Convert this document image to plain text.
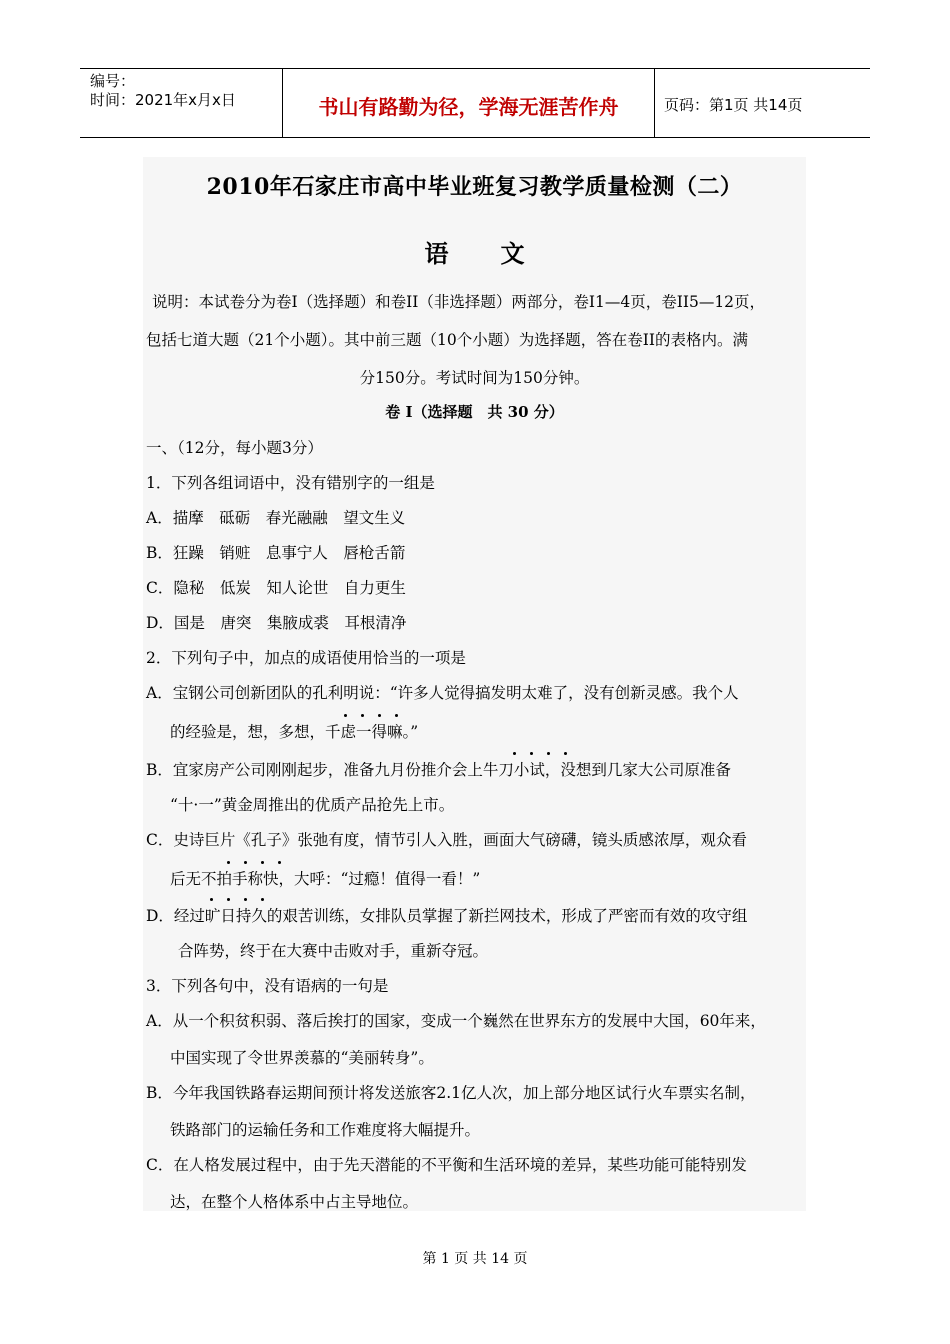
编号：
时间：2021年x月x日	书山有路勤为径，学海无涯苦作舟	页码：第1页 共14页
2010年石家庄市高中毕业班复习教学质量检测（二）
语 文
说明：本试卷分为卷I（选择题）和卷II（非选择题）两部分，卷I1—4页，卷II5—12页，
包括七道大题（21个小题）。其中前三题（10个小题）为选择题，答在卷II的表格内。满
分150分。考试时间为150分钟。
卷 I（选择题　共 30 分）
一、（12分，每小题3分）
1．下列各组词语中，没有错别字的一组是
A．描摩　砥砺　春光融融　望文生义
B．狂躁　销赃　息事宁人　唇枪舌箭
C．隐秘　低炭　知人论世　自力更生
D．国是　唐突　集腋成裘　耳根清净
2．下列句子中，加点的成语使用恰当的一项是
A．宝钢公司创新团队的孔利明说：“许多人觉得搞发明太难了，没有创新灵感。我个人
的经验是，想，多想，千虑一得嘛。”
B．宜家房产公司刚刚起步，准备九月份推介会上牛刀小试，没想到几家大公司原准备
“十·一”黄金周推出的优质产品抢先上市。
C．史诗巨片《孔子》张弛有度，情节引人入胜，画面大气磅礴，镜头质感浓厚，观众看
后无不拍手称快，大呼：“过瘾！值得一看！”
D．经过旷日持久的艰苦训练，女排队员掌握了新拦网技术，形成了严密而有效的攻守组
合阵势，终于在大赛中击败对手，重新夺冠。
3．下列各句中，没有语病的一句是
A．从一个积贫积弱、落后挨打的国家，变成一个巍然在世界东方的发展中大国，60年来，
中国实现了令世界羡慕的“美丽转身”。
B．今年我国铁路春运期间预计将发送旅客2.1亿人次，加上部分地区试行火车票实名制，
铁路部门的运输任务和工作难度将大幅提升。
C．在人格发展过程中，由于先天潜能的不平衡和生活环境的差异，某些功能可能特别发
达，在整个人格体系中占主导地位。
第 1 页 共 14 页
